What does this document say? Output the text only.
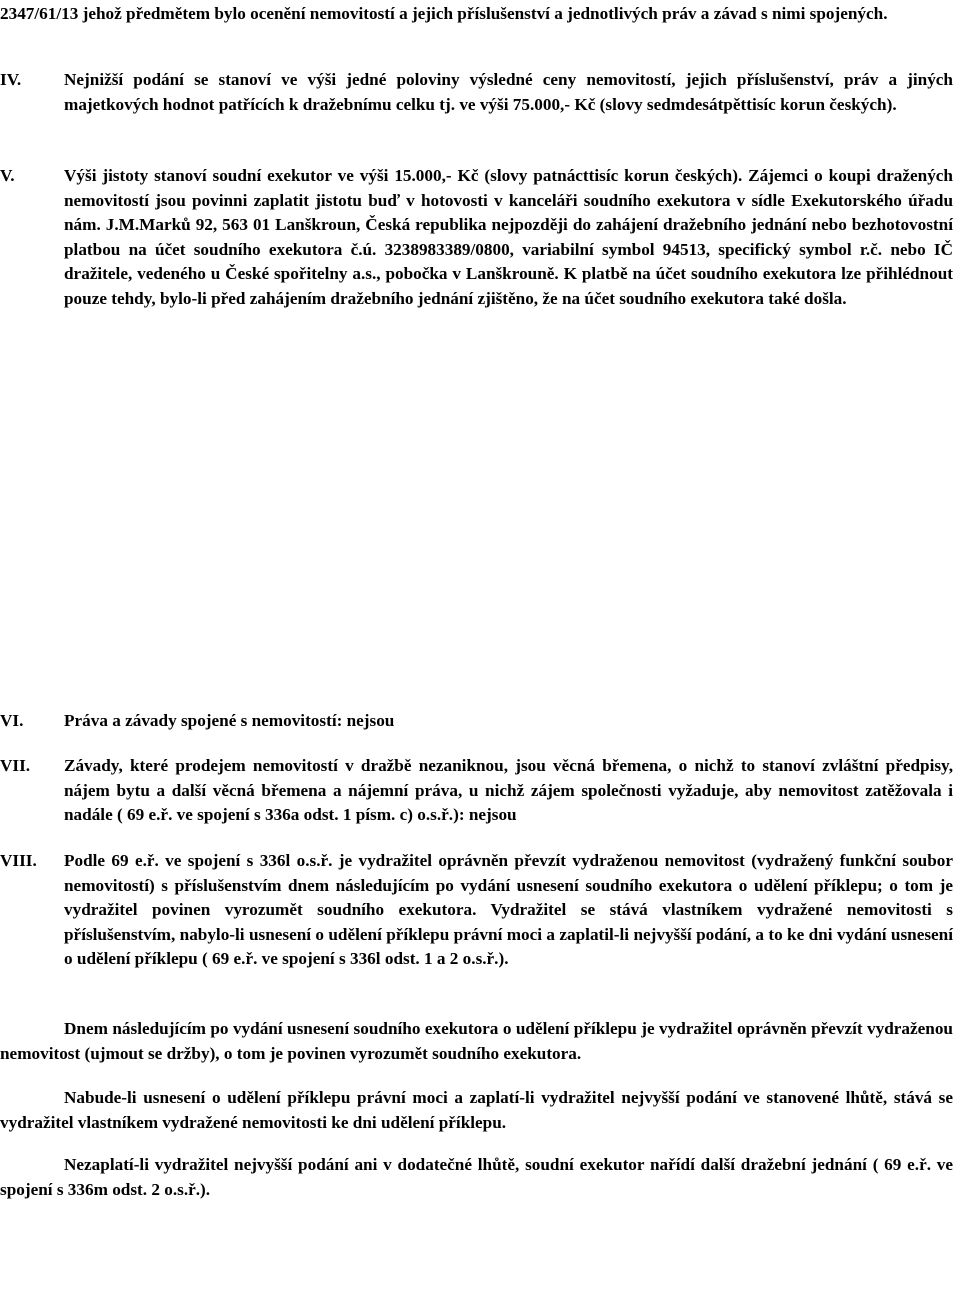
2347/61/13 jehož předmětem bylo ocenění nemovitostí a jejich příslušenství a jednotlivých práv a závad s nimi spojených.
IV.	Nejnižší podání se stanoví ve výši jedné poloviny výsledné ceny nemovitostí, jejich příslušenství, práv a jiných majetkových hodnot patřících k dražebnímu celku tj. ve výši 75.000,- Kč (slovy sedmdesátpěttisíc korun českých).
V.	Výši jistoty stanoví soudní exekutor ve výši 15.000,- Kč (slovy patnácttisíc korun českých). Zájemci o koupi dražených nemovitostí jsou povinni zaplatit jistotu buď v hotovosti v kanceláři soudního exekutora v sídle Exekutorského úřadu nám. J.M.Marků 92, 563 01 Lanškroun, Česká republika nejpozději do zahájení dražebního jednání nebo bezhotovostní platbou na účet soudního exekutora č.ú. 3238983389/0800, variabilní symbol 94513, specifický symbol r.č. nebo IČ dražitele, vedeného u České spořitelny a.s., pobočka v Lanškrouně. K platbě na účet soudního exekutora lze přihlédnout pouze tehdy, bylo-li před zahájením dražebního jednání zjištěno, že na účet soudního exekutora také došla.
VI.	Práva a závady spojené s nemovitostí: nejsou
VII.	Závady, které prodejem nemovitostí v dražbě nezaniknou, jsou věcná břemena, o nichž to stanoví zvláštní předpisy, nájem bytu a další věcná břemena a nájemní práva, u nichž zájem společnosti vyžaduje, aby nemovitost zatěžovala i nadále ( 69 e.ř. ve spojení s 336a odst. 1 písm. c) o.s.ř.): nejsou
VIII.	Podle 69 e.ř. ve spojení s 336l o.s.ř. je vydražitel oprávněn převzít vydraženou nemovitost (vydražený funkční soubor nemovitostí) s příslušenstvím dnem následujícím po vydání usnesení soudního exekutora o udělení příklepu; o tom je vydražitel povinen vyrozumět soudního exekutora. Vydražitel se stává vlastníkem vydražené nemovitosti s příslušenstvím, nabylo-li usnesení o udělení příklepu právní moci a zaplatil-li nejvyšší podání, a to ke dni vydání usnesení o udělení příklepu ( 69 e.ř. ve spojení s 336l odst. 1 a 2 o.s.ř.).
Dnem následujícím po vydání usnesení soudního exekutora o udělení příklepu je vydražitel oprávněn převzít vydraženou nemovitost (ujmout se držby), o tom je povinen vyrozumět soudního exekutora.
Nabude-li usnesení o udělení příklepu právní moci a zaplatí-li vydražitel nejvyšší podání ve stanovené lhůtě, stává se vydražitel vlastníkem vydražené nemovitosti ke dni udělení příklepu.
Nezaplatí-li vydražitel nejvyšší podání ani v dodatečné lhůtě, soudní exekutor nařídí další dražební jednání ( 69 e.ř. ve spojení s 336m odst. 2 o.s.ř.).
